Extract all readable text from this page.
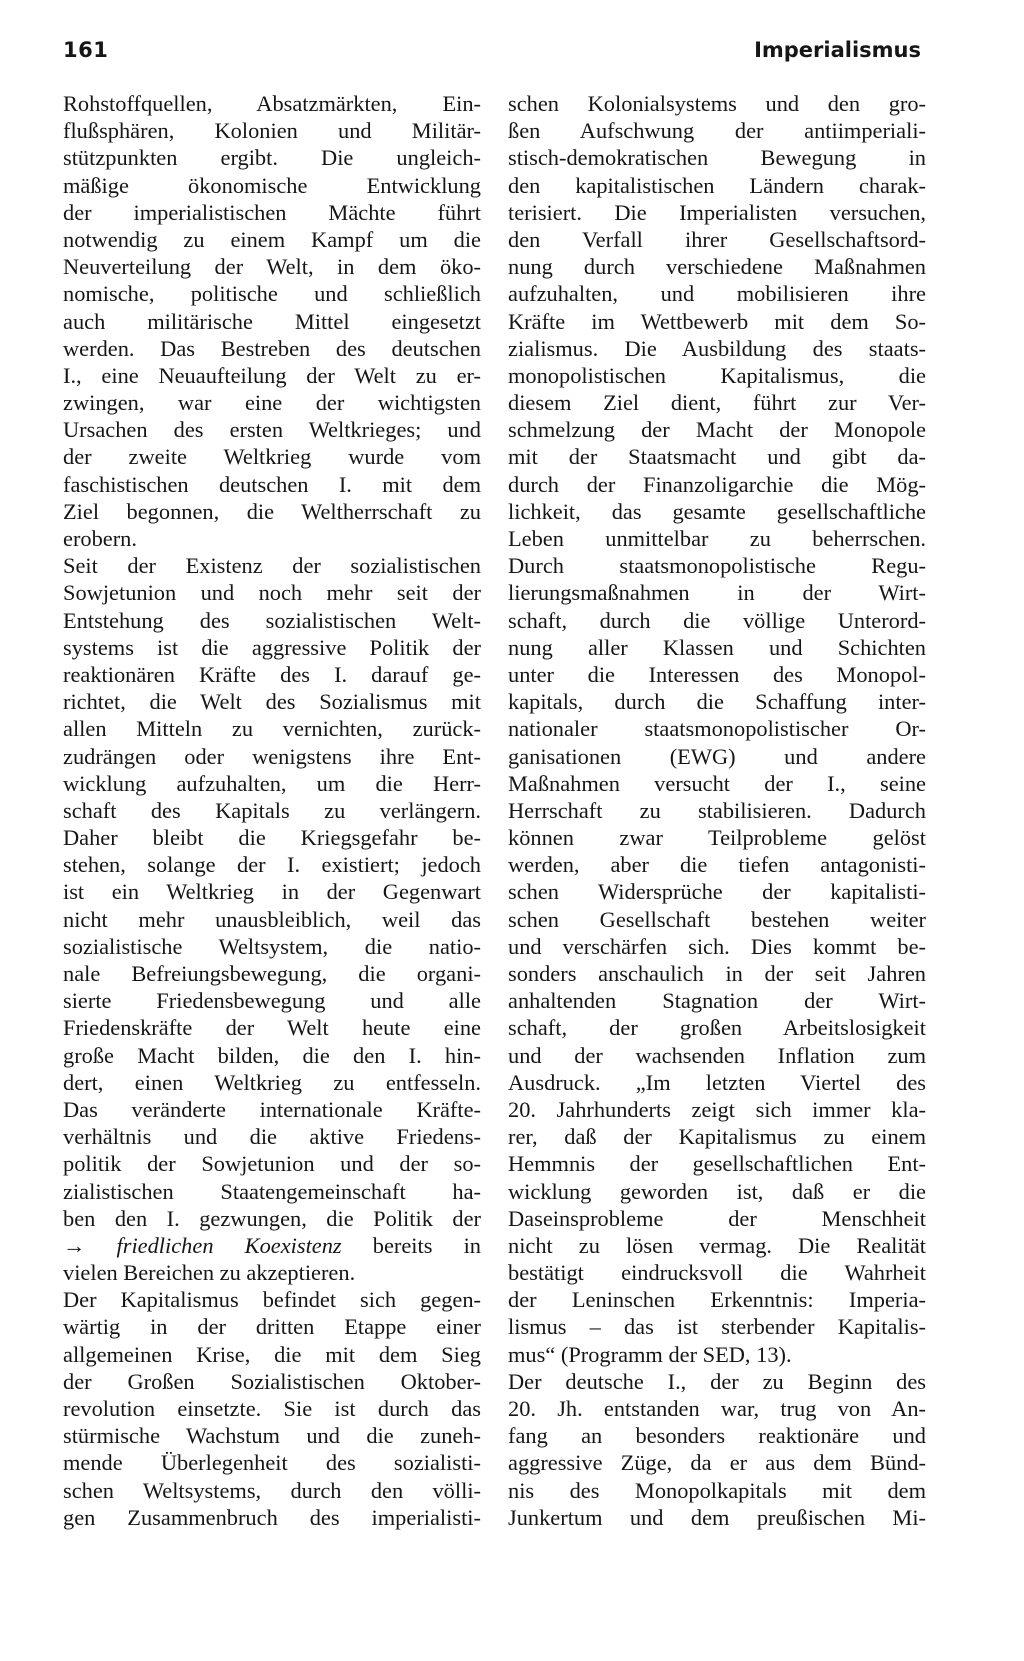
161	Imperialismus
Rohstoffquellen, Absatzmärkten, Ein-
flußsphären, Kolonien und Militär-
stützpunkten ergibt. Die ungleich-
mäßige ökonomische Entwicklung
der imperialistischen Mächte führt
notwendig zu einem Kampf um die
Neuverteilung der Welt, in dem öko-
nomische, politische und schließlich
auch militärische Mittel eingesetzt
werden. Das Bestreben des deutschen
I., eine Neuaufteilung der Welt zu er-
zwingen, war eine der wichtigsten
Ursachen des ersten Weltkrieges; und
der zweite Weltkrieg wurde vom
faschistischen deutschen I. mit dem
Ziel begonnen, die Weltherrschaft zu
erobern.
Seit der Existenz der sozialistischen
Sowjetunion und noch mehr seit der
Entstehung des sozialistischen Welt-
systems ist die aggressive Politik der
reaktionären Kräfte des I. darauf ge-
richtet, die Welt des Sozialismus mit
allen Mitteln zu vernichten, zurück-
zudrängen oder wenigstens ihre Ent-
wicklung aufzuhalten, um die Herr-
schaft des Kapitals zu verlängern.
Daher bleibt die Kriegsgefahr be-
stehen, solange der I. existiert; jedoch
ist ein Weltkrieg in der Gegenwart
nicht mehr unausbleiblich, weil das
sozialistische Weltsystem, die natio-
nale Befreiungsbewegung, die organi-
sierte Friedensbewegung und alle
Friedenskräfte der Welt heute eine
große Macht bilden, die den I. hin-
dert, einen Weltkrieg zu entfesseln.
Das veränderte internationale Kräfte-
verhältnis und die aktive Friedens-
politik der Sowjetunion und der so-
zialistischen Staatengemeinschaft ha-
ben den I. gezwungen, die Politik der
→ friedlichen Koexistenz bereits in
vielen Bereichen zu akzeptieren.
Der Kapitalismus befindet sich gegen-
wärtig in der dritten Etappe einer
allgemeinen Krise, die mit dem Sieg
der Großen Sozialistischen Oktober-
revolution einsetzte. Sie ist durch das
stürmische Wachstum und die zuneh-
mende Überlegenheit des sozialisti-
schen Weltsystems, durch den völli-
gen Zusammenbruch des imperialisti-
schen Kolonialsystems und den gro-
ßen Aufschwung der antiimperiali-
stisch-demokratischen Bewegung in
den kapitalistischen Ländern charak-
terisiert. Die Imperialisten versuchen,
den Verfall ihrer Gesellschaftsord-
nung durch verschiedene Maßnahmen
aufzuhalten, und mobilisieren ihre
Kräfte im Wettbewerb mit dem So-
zialismus. Die Ausbildung des staats-
monopolistischen Kapitalismus, die
diesem Ziel dient, führt zur Ver-
schmelzung der Macht der Monopole
mit der Staatsmacht und gibt da-
durch der Finanzoligarchie die Mög-
lichkeit, das gesamte gesellschaftliche
Leben unmittelbar zu beherrschen.
Durch staatsmonopolistische Regu-
lierungsmaßnahmen in der Wirt-
schaft, durch die völlige Unterord-
nung aller Klassen und Schichten
unter die Interessen des Monopol-
kapitals, durch die Schaffung inter-
nationaler staatsmonopolistischer Or-
ganisationen (EWG) und andere
Maßnahmen versucht der I., seine
Herrschaft zu stabilisieren. Dadurch
können zwar Teilprobleme gelöst
werden, aber die tiefen antagonisti-
schen Widersprüche der kapitalisti-
schen Gesellschaft bestehen weiter
und verschärfen sich. Dies kommt be-
sonders anschaulich in der seit Jahren
anhaltenden Stagnation der Wirt-
schaft, der großen Arbeitslosigkeit
und der wachsenden Inflation zum
Ausdruck. „Im letzten Viertel des
20. Jahrhunderts zeigt sich immer kla-
rer, daß der Kapitalismus zu einem
Hemmnis der gesellschaftlichen Ent-
wicklung geworden ist, daß er die
Daseinsprobleme der Menschheit
nicht zu lösen vermag. Die Realität
bestätigt eindrucksvoll die Wahrheit
der Leninschen Erkenntnis: Imperia-
lismus – das ist sterbender Kapitalis-
mus“ (Programm der SED, 13).
Der deutsche I., der zu Beginn des
20. Jh. entstanden war, trug von An-
fang an besonders reaktionäre und
aggressive Züge, da er aus dem Bünd-
nis des Monopolkapitals mit dem
Junkertum und dem preußischen Mi-
